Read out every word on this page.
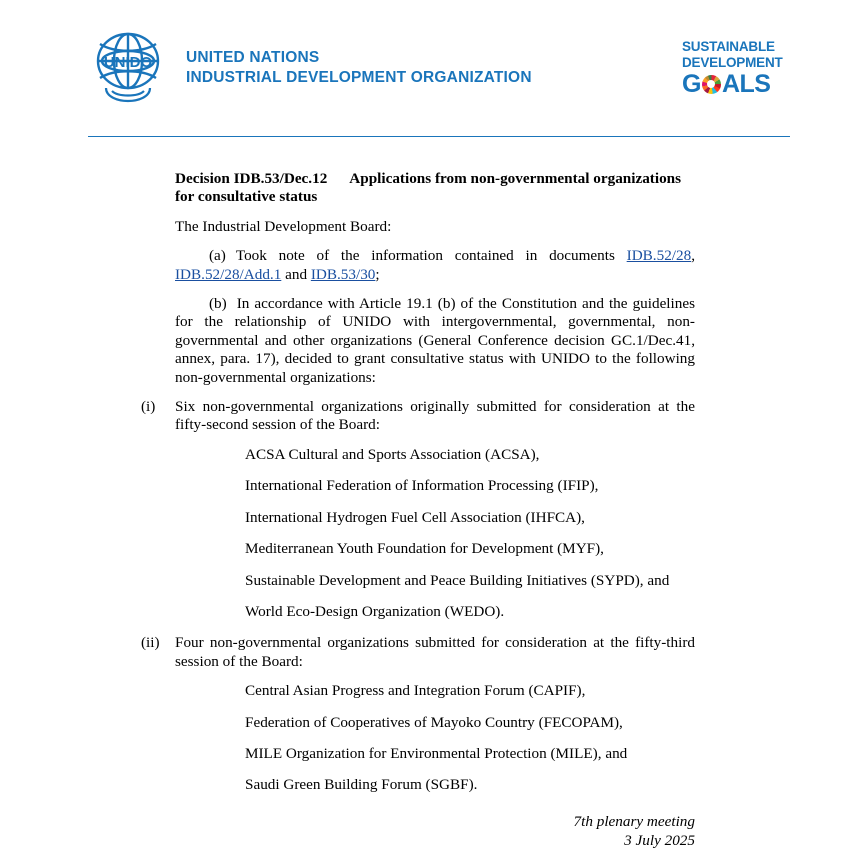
UNIDO UNITED NATIONS
INDUSTRIAL DEVELOPMENT ORGANIZATION
SUSTAINABLE
DEVELOPMENT
G ALS

Decision IDB.53/Dec.12 Applications from non-governmental organizations for consultative status

The Industrial Development Board:

(a) Took note of the information contained in documents IDB.52/28, IDB.52/28/Add.1 and IDB.53/30;

(b) In accordance with Article 19.1 (b) of the Constitution and the guidelines for the relationship of UNIDO with intergovernmental, governmental, non-governmental and other organizations (General Conference decision GC.1/Dec.41, annex, para. 17), decided to grant consultative status with UNIDO to the following non-governmental organizations:

(i) Six non-governmental organizations originally submitted for consideration at the fifty-second session of the Board:

ACSA Cultural and Sports Association (ACSA),
International Federation of Information Processing (IFIP),
International Hydrogen Fuel Cell Association (IHFCA),
Mediterranean Youth Foundation for Development (MYF),
Sustainable Development and Peace Building Initiatives (SYPD), and
World Eco-Design Organization (WEDO).

(ii) Four non-governmental organizations submitted for consideration at the fifty-third session of the Board:

Central Asian Progress and Integration Forum (CAPIF),
Federation of Cooperatives of Mayoko Country (FECOPAM),
MILE Organization for Environmental Protection (MILE), and
Saudi Green Building Forum (SGBF).
7th plenary meeting
3 July 2025
